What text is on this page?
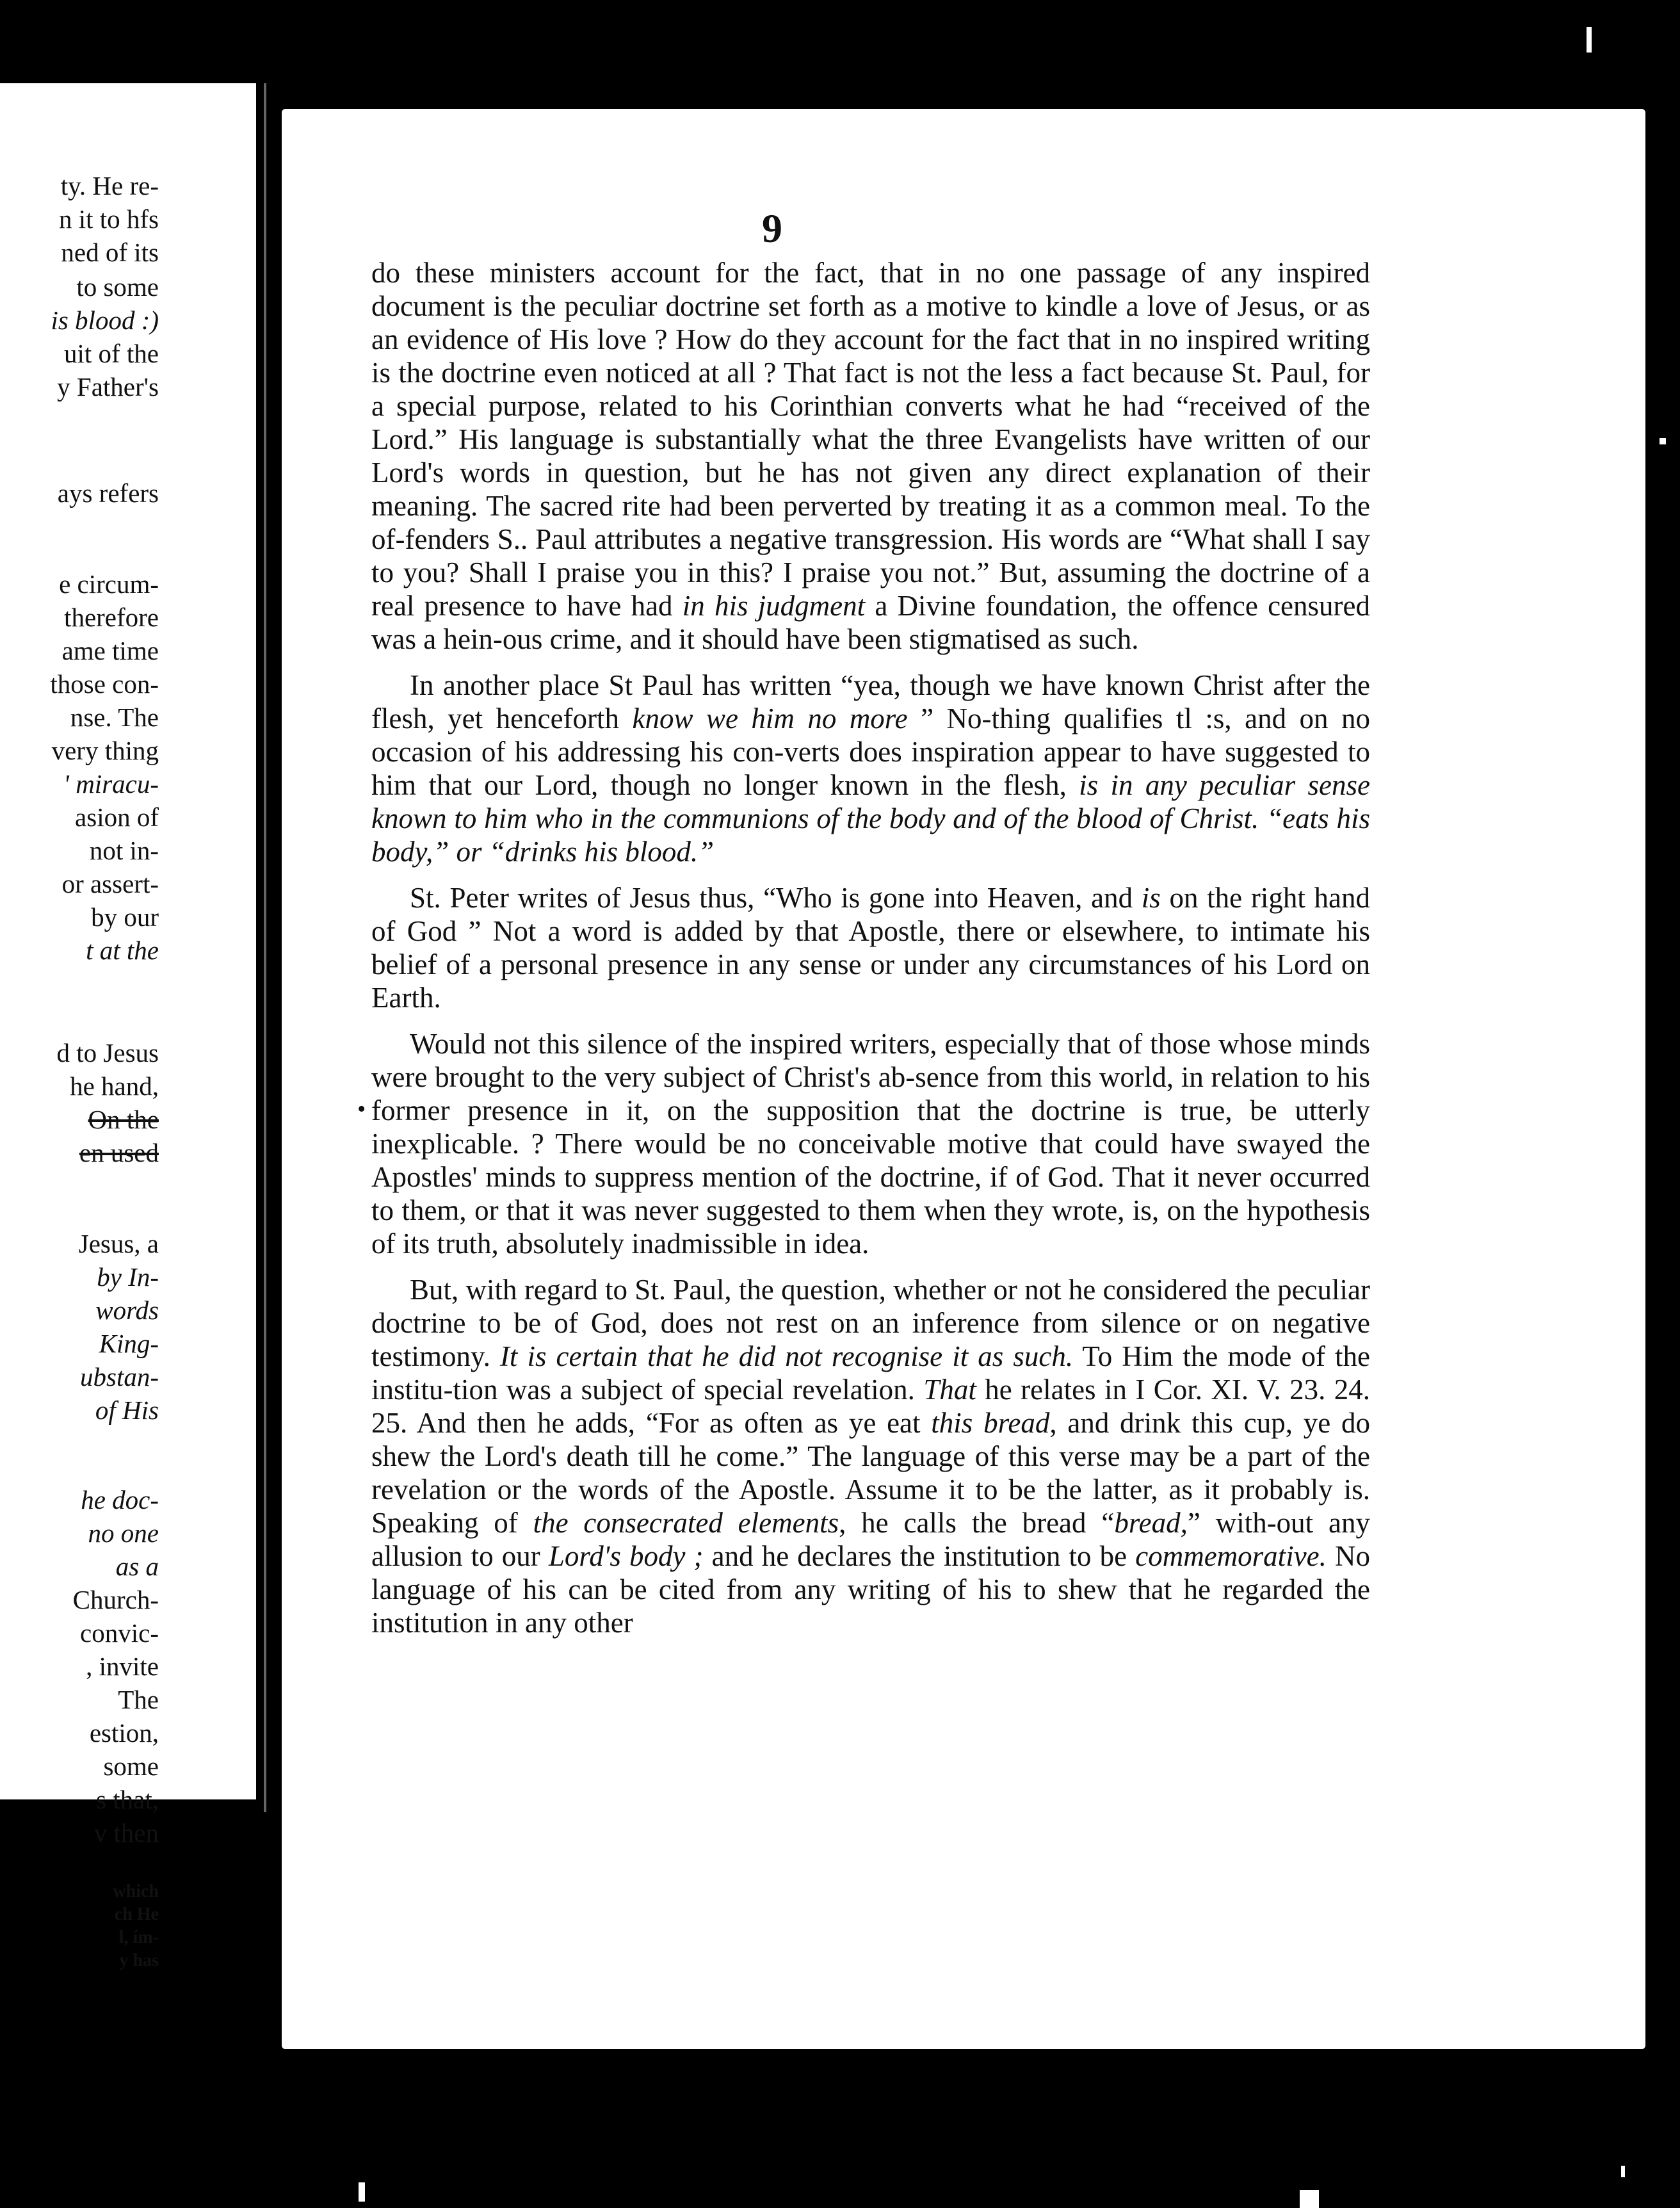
ty. He re-
n it to hfs
ned of its
to some
is blood :)
uit of the
y Father's
ays refers
e circum-
therefore
ame time
those con-
nse. The
very thing
' miracu-
asion of
not in-
or assert-
by our
t at the
d to Jesus
he hand,
On the
en used
Jesus, a
by In-
words
King-
ubstan-
of His
he doc-
no one
as a
Church-
convic-
, invite
The
estion,
some
s that,
v then
which
ch He
l, ím-
y has
9
•

do these ministers account for the fact, that in no one passage of any inspired document is the peculiar doctrine set forth as a motive to kindle a love of Jesus, or as an evidence of His love ? How do they account for the fact that in no inspired writing is the doctrine even noticed at all ? That fact is not the less a fact because St. Paul, for a special purpose, related to his Corinthian converts what he had “received of the Lord.” His language is substantially what the three Evangelists have written of our Lord's words in question, but he has not given any direct explanation of their meaning. The sacred rite had been perverted by treating it as a common meal. To the of-fenders S.. Paul attributes a negative transgression. His words are “What shall I say to you? Shall I praise you in this? I praise you not.” But, assuming the doctrine of a real presence to have had in his judgment a Divine foundation, the offence censured was a hein-ous crime, and it should have been stigmatised as such.

In another place St Paul has written “yea, though we have known Christ after the flesh, yet henceforth know we him no more ” No-thing qualifies tl :s, and on no occasion of his addressing his con-verts does inspiration appear to have suggested to him that our Lord, though no longer known in the flesh, is in any peculiar sense known to him who in the communions of the body and of the blood of Christ. “eats his body,” or “drinks his blood.”

St. Peter writes of Jesus thus, “Who is gone into Heaven, and is on the right hand of God ” Not a word is added by that Apostle, there or elsewhere, to intimate his belief of a personal presence in any sense or under any circumstances of his Lord on Earth.

Would not this silence of the inspired writers, especially that of those whose minds were brought to the very subject of Christ's ab-sence from this world, in relation to his former presence in it, on the supposition that the doctrine is true, be utterly inexplicable. ? There would be no conceivable motive that could have swayed the Apostles' minds to suppress mention of the doctrine, if of God. That it never occurred to them, or that it was never suggested to them when they wrote, is, on the hypothesis of its truth, absolutely inadmissible in idea.

But, with regard to St. Paul, the question, whether or not he considered the peculiar doctrine to be of God, does not rest on an inference from silence or on negative testimony. It is certain that he did not recognise it as such. To Him the mode of the institu-tion was a subject of special revelation. That he relates in I Cor. XI. V. 23. 24. 25. And then he adds, “For as often as ye eat this bread, and drink this cup, ye do shew the Lord's death till he come.” The language of this verse may be a part of the revelation or the words of the Apostle. Assume it to be the latter, as it probably is. Speaking of the consecrated elements, he calls the bread “bread,” with-out any allusion to our Lord's body ; and he declares the institution to be commemorative. No language of his can be cited from any writing of his to shew that he regarded the institution in any other
